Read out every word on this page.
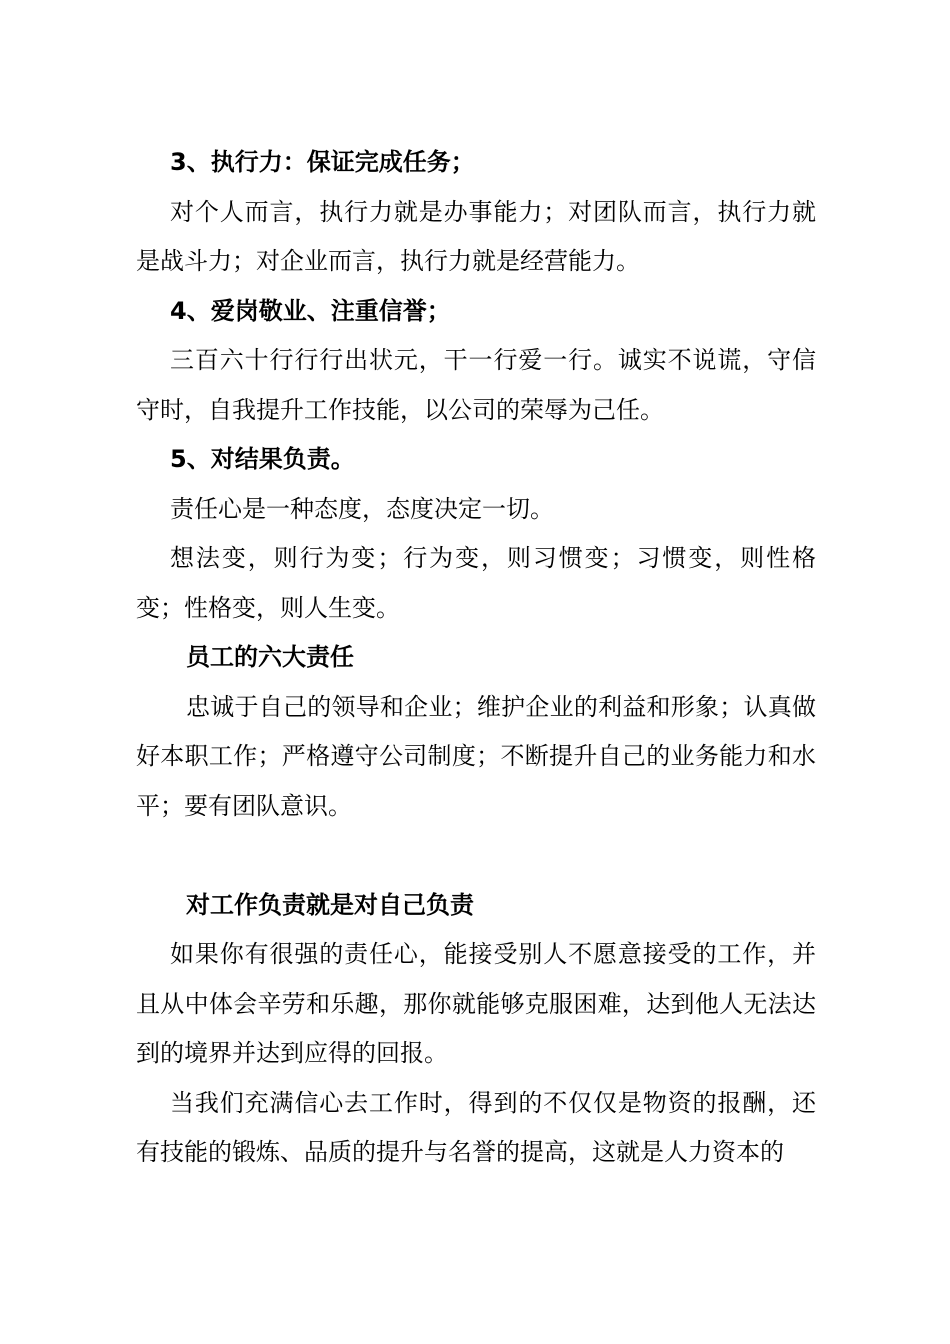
3、执行力：保证完成任务；

对个人而言，执行力就是办事能力；对团队而言，执行力就是战斗力；对企业而言，执行力就是经营能力。

4、爱岗敬业、注重信誉；

三百六十行行行出状元，干一行爱一行。诚实不说谎，守信守时，自我提升工作技能，以公司的荣辱为己任。

5、对结果负责。

责任心是一种态度，态度决定一切。

想法变，则行为变；行为变，则习惯变；习惯变，则性格变；性格变，则人生变。

员工的六大责任

忠诚于自己的领导和企业；维护企业的利益和形象；认真做好本职工作；严格遵守公司制度；不断提升自己的业务能力和水平；要有团队意识。

对工作负责就是对自己负责

如果你有很强的责任心，能接受别人不愿意接受的工作，并且从中体会辛劳和乐趣，那你就能够克服困难，达到他人无法达到的境界并达到应得的回报。

当我们充满信心去工作时，得到的不仅仅是物资的报酬，还有技能的锻炼、品质的提升与名誉的提高，这就是人力资本的
